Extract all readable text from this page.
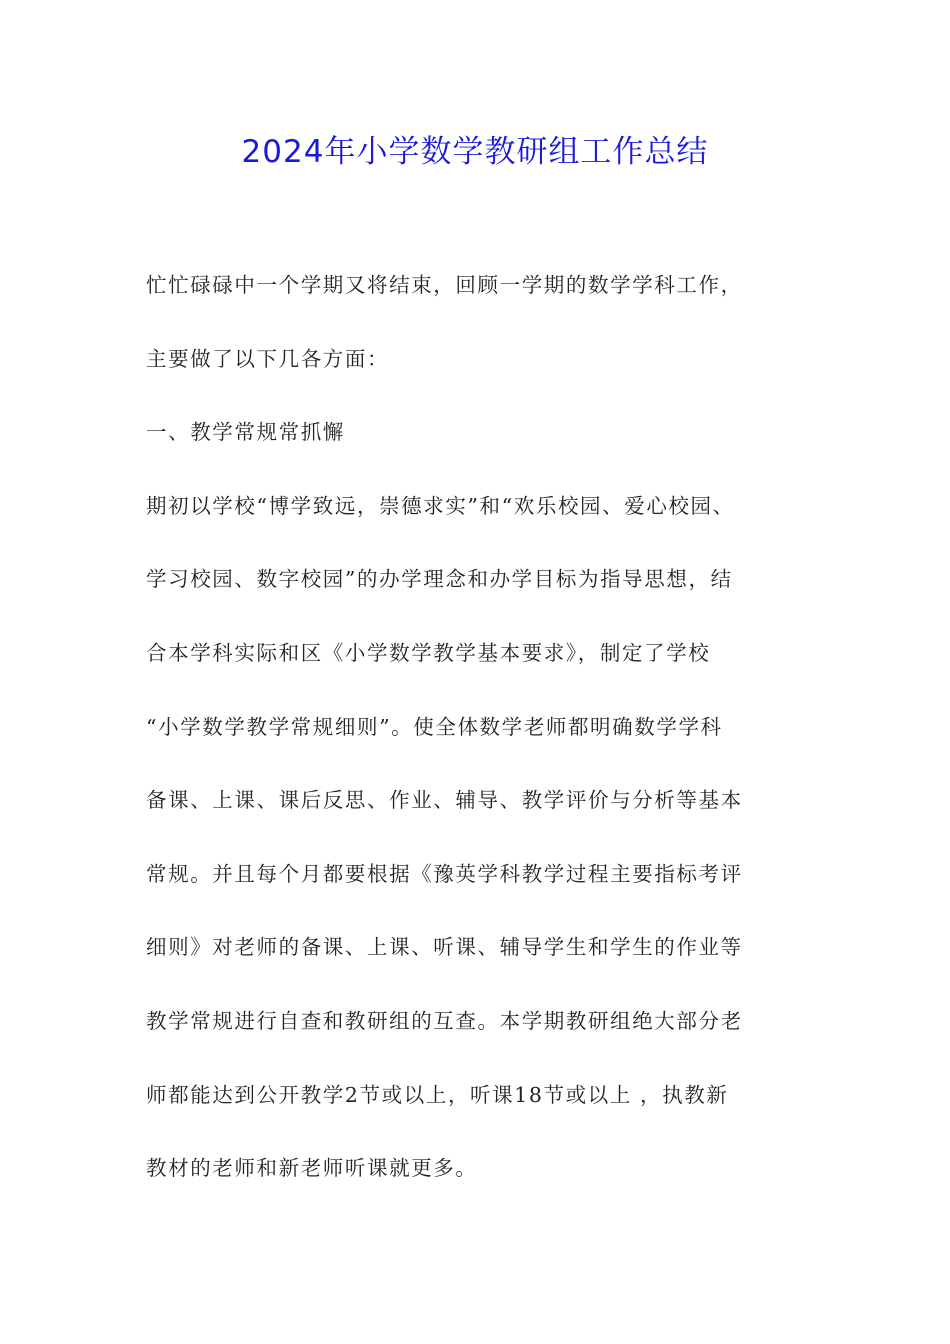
2024年小学数学教研组工作总结
忙忙碌碌中一个学期又将结束，回顾一学期的数学学科工作，
主要做了以下几各方面：
一、教学常规常抓懈
期初以学校“博学致远，崇德求实”和“欢乐校园、爱心校园、
学习校园、数字校园”的办学理念和办学目标为指导思想，结
合本学科实际和区《小学数学教学基本要求》，制定了学校
“小学数学教学常规细则”。使全体数学老师都明确数学学科
备课、上课、课后反思、作业、辅导、教学评价与分析等基本
常规。并且每个月都要根据《豫英学科教学过程主要指标考评
细则》对老师的备课、上课、听课、辅导学生和学生的作业等
教学常规进行自查和教研组的互查。本学期教研组绝大部分老
师都能达到公开教学2节或以上，听课18节或以上 ，执教新
教材的老师和新老师听课就更多。
